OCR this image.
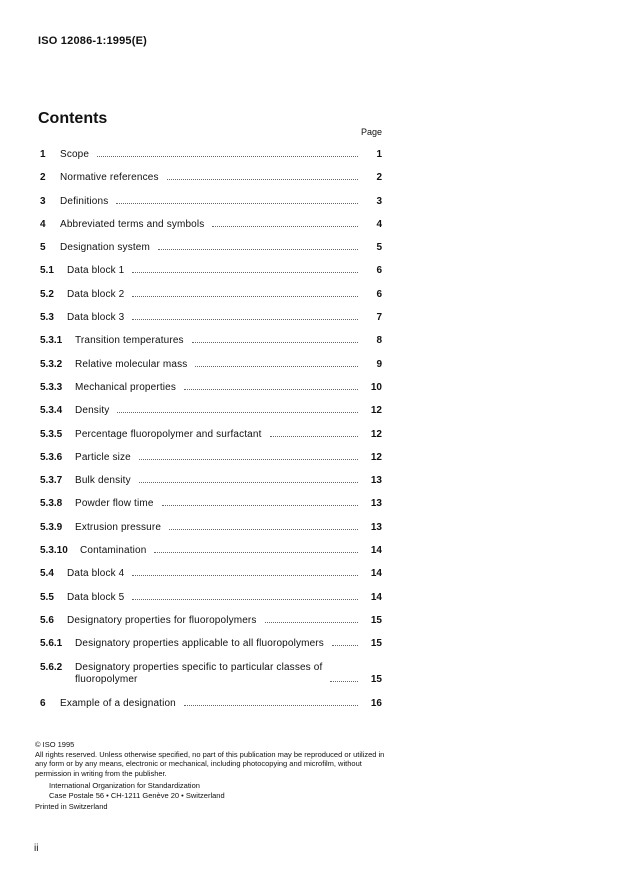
ISO 12086-1:1995(E)
Contents
Page
1	Scope	1
2	Normative references	2
3	Definitions	3
4	Abbreviated terms and symbols	4
5	Designation system	5
5.1	Data block 1	6
5.2	Data block 2	6
5.3	Data block 3	7
5.3.1	Transition temperatures	8
5.3.2	Relative molecular mass	9
5.3.3	Mechanical properties	10
5.3.4	Density	12
5.3.5	Percentage fluoropolymer and surfactant	12
5.3.6	Particle size	12
5.3.7	Bulk density	13
5.3.8	Powder flow time	13
5.3.9	Extrusion pressure	13
5.3.10	Contamination	14
5.4	Data block 4	14
5.5	Data block 5	14
5.6	Designatory properties for fluoropolymers	15
5.6.1	Designatory properties applicable to all fluoropolymers	15
5.6.2	Designatory properties specific to particular classes of
fluoropolymer	15
6	Example of a designation	16
© ISO 1995
All rights reserved. Unless otherwise specified, no part of this publication may be reproduced or utilized in any form or by any means, electronic or mechanical, including photocopying and microfilm, without permission in writing from the publisher.
International Organization for Standardization
Case Postale 56 • CH-1211 Genève 20 • Switzerland
Printed in Switzerland
ii
